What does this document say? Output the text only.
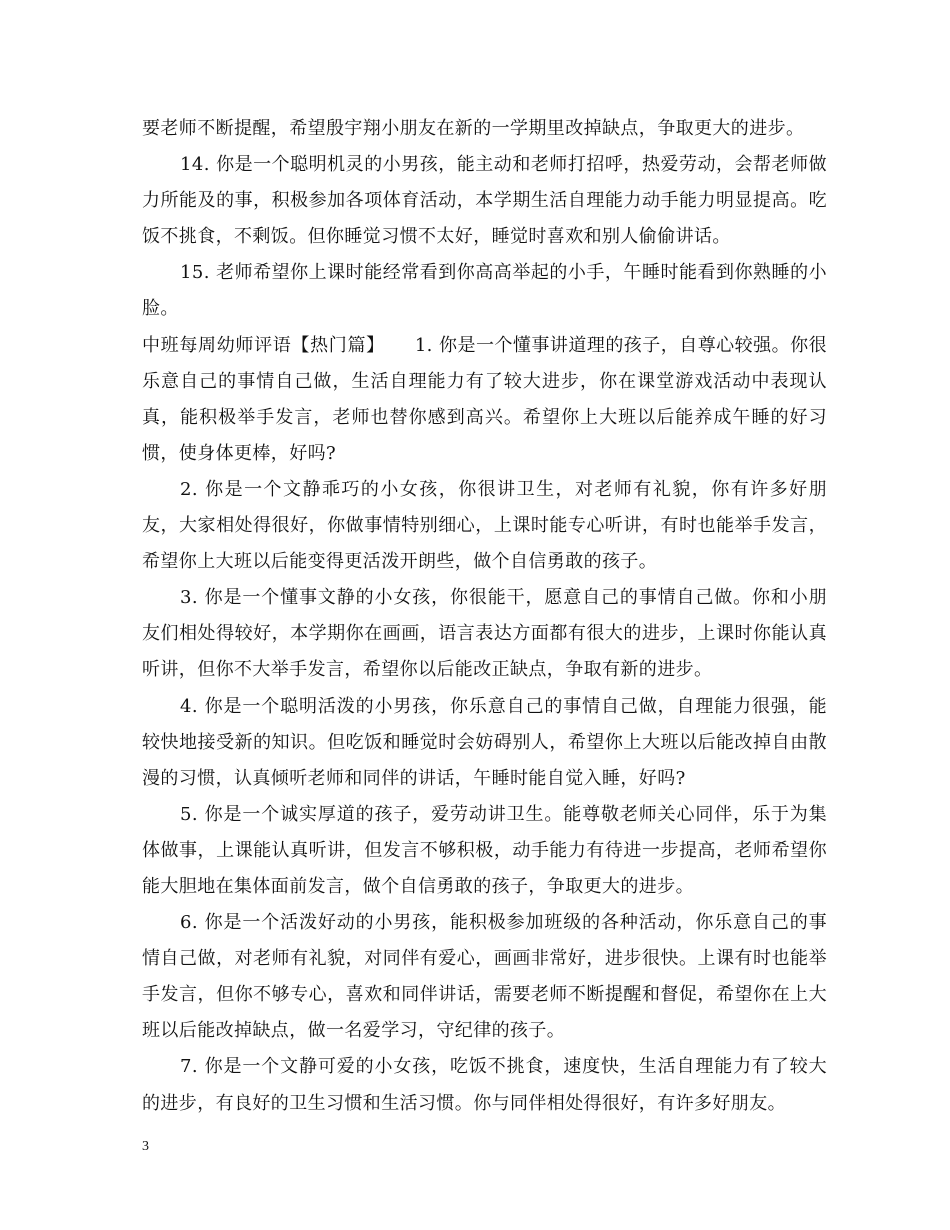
要老师不断提醒，希望殷宇翔小朋友在新的一学期里改掉缺点，争取更大的进步。

14. 你是一个聪明机灵的小男孩，能主动和老师打招呼，热爱劳动，会帮老师做力所能及的事，积极参加各项体育活动，本学期生活自理能力动手能力明显提高。吃饭不挑食，不剩饭。但你睡觉习惯不太好，睡觉时喜欢和别人偷偷讲话。

15. 老师希望你上课时能经常看到你高高举起的小手，午睡时能看到你熟睡的小脸。

中班每周幼师评语【热门篇】 1. 你是一个懂事讲道理的孩子，自尊心较强。你很乐意自己的事情自己做，生活自理能力有了较大进步，你在课堂游戏活动中表现认真，能积极举手发言，老师也替你感到高兴。希望你上大班以后能养成午睡的好习惯，使身体更棒，好吗?

2. 你是一个文静乖巧的小女孩，你很讲卫生，对老师有礼貌，你有许多好朋友，大家相处得很好，你做事情特别细心，上课时能专心听讲，有时也能举手发言，希望你上大班以后能变得更活泼开朗些，做个自信勇敢的孩子。

3. 你是一个懂事文静的小女孩，你很能干，愿意自己的事情自己做。你和小朋友们相处得较好，本学期你在画画，语言表达方面都有很大的进步，上课时你能认真听讲，但你不大举手发言，希望你以后能改正缺点，争取有新的进步。

4. 你是一个聪明活泼的小男孩，你乐意自己的事情自己做，自理能力很强，能较快地接受新的知识。但吃饭和睡觉时会妨碍别人，希望你上大班以后能改掉自由散漫的习惯，认真倾听老师和同伴的讲话，午睡时能自觉入睡，好吗?

5. 你是一个诚实厚道的孩子，爱劳动讲卫生。能尊敬老师关心同伴，乐于为集体做事，上课能认真听讲，但发言不够积极，动手能力有待进一步提高，老师希望你能大胆地在集体面前发言，做个自信勇敢的孩子，争取更大的进步。

6. 你是一个活泼好动的小男孩，能积极参加班级的各种活动，你乐意自己的事情自己做，对老师有礼貌，对同伴有爱心，画画非常好，进步很快。上课有时也能举手发言，但你不够专心，喜欢和同伴讲话，需要老师不断提醒和督促，希望你在上大班以后能改掉缺点，做一名爱学习，守纪律的孩子。

7. 你是一个文静可爱的小女孩，吃饭不挑食，速度快，生活自理能力有了较大的进步，有良好的卫生习惯和生活习惯。你与同伴相处得很好，有许多好朋友。

3
